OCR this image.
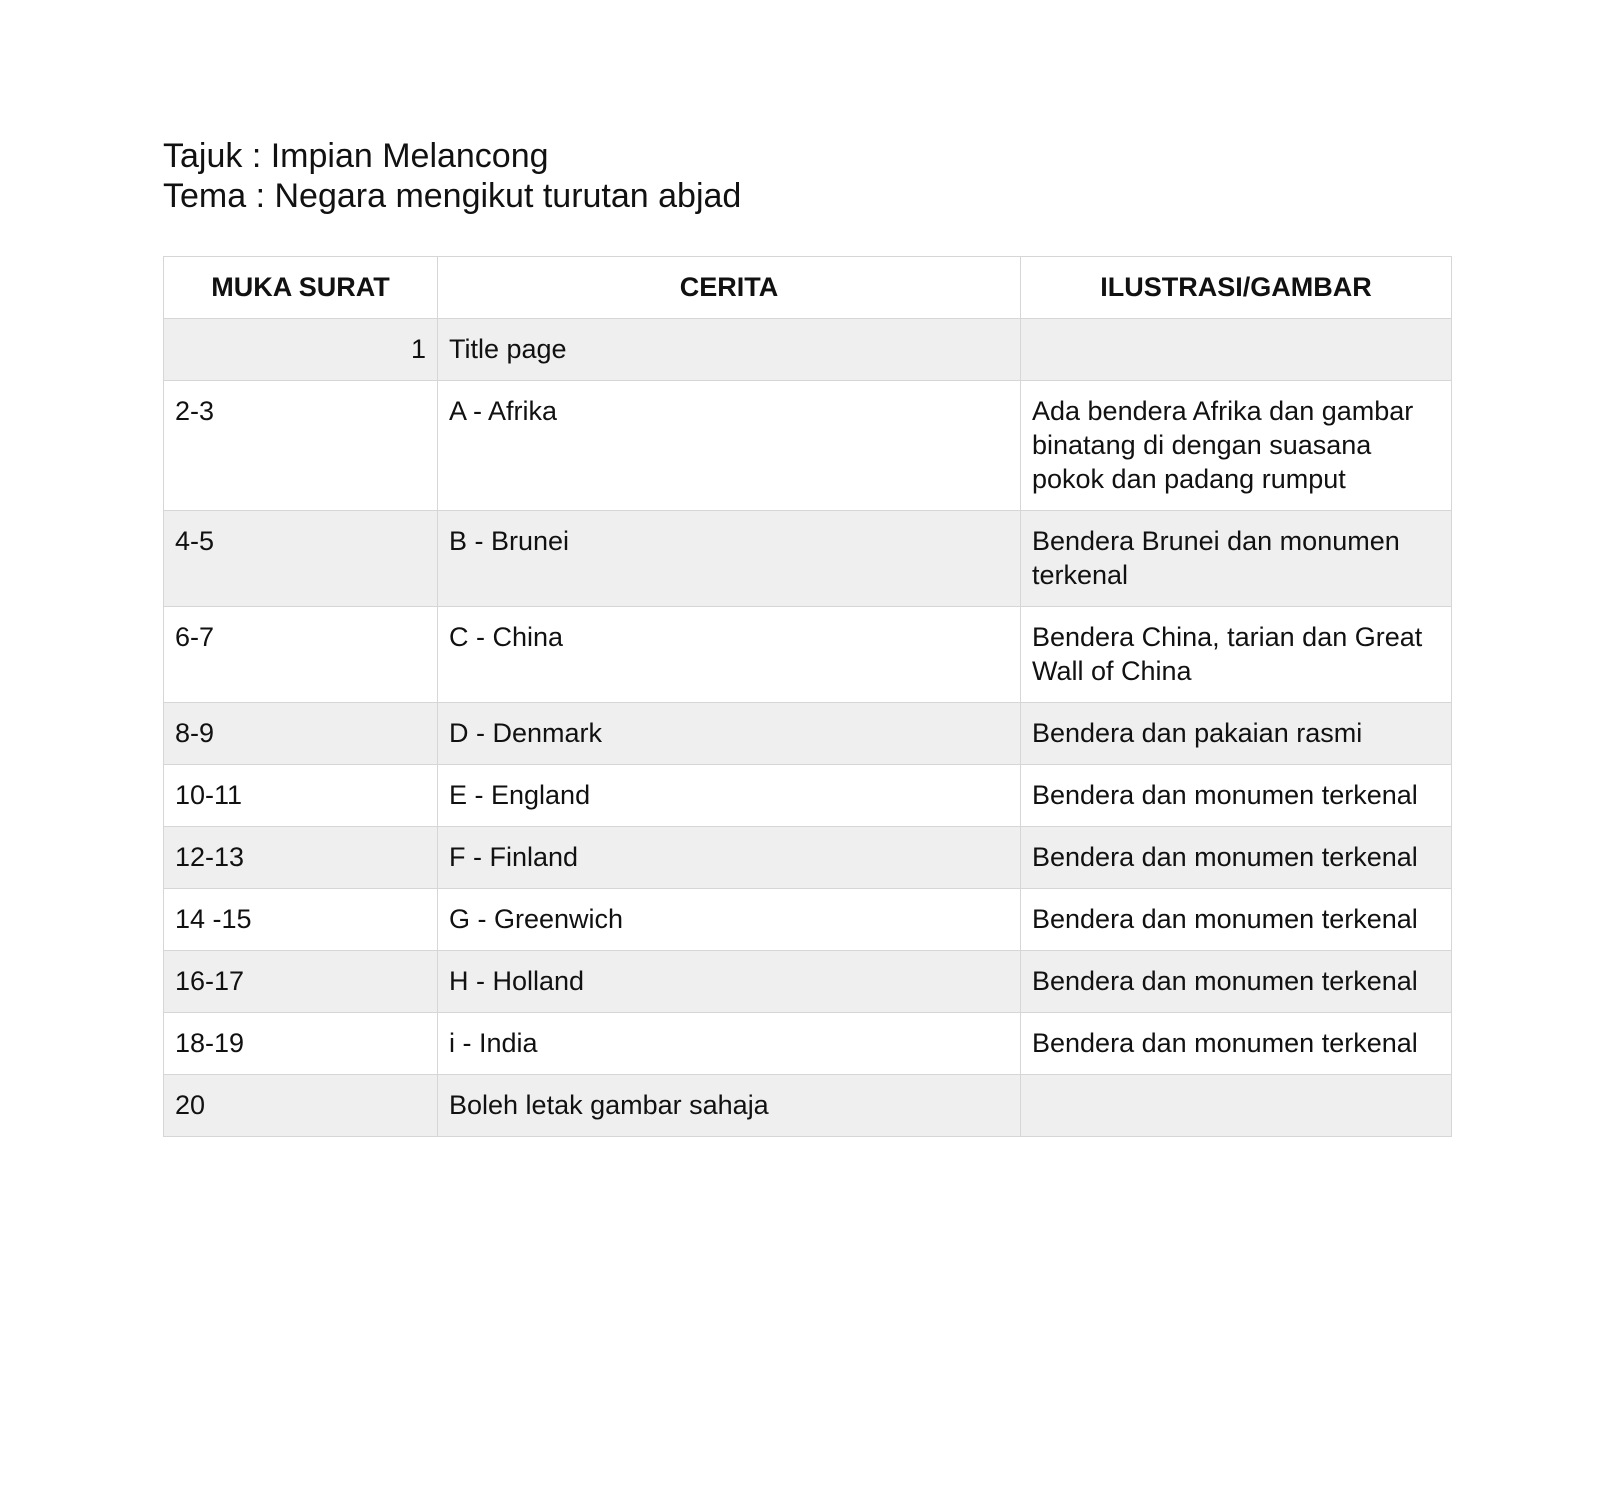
Tajuk : Impian Melancong
Tema : Negara mengikut turutan abjad
MUKA SURAT	CERITA	ILUSTRASI/GAMBAR
1	Title page	
2-3	A - Afrika	Ada bendera Afrika dan gambar binatang di dengan suasana pokok dan padang rumput
4-5	B - Brunei	Bendera Brunei dan monumen terkenal
6-7	C - China	Bendera China, tarian dan Great Wall of China
8-9	D - Denmark	Bendera dan pakaian rasmi
10-11	E - England	Bendera dan monumen terkenal
12-13	F - Finland	Bendera dan monumen terkenal
14 -15	G - Greenwich	Bendera dan monumen terkenal
16-17	H - Holland	Bendera dan monumen terkenal
18-19	i - India	Bendera dan monumen terkenal
20	Boleh letak gambar sahaja	
